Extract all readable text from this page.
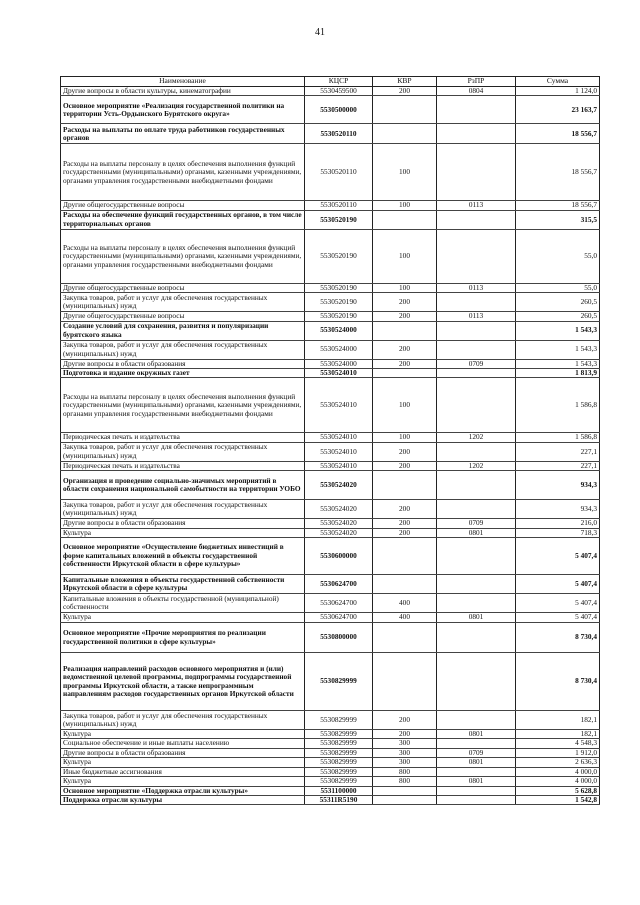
41
Наименование	КЦСР	КВР	РзПР	Сумма
Другие вопросы в области культуры, кинематографии	5530459500	200	0804	1 124,0
Основное мероприятие «Реализация государственной политики на территории Усть-Ордынского Бурятского округа»	5530500000			23 163,7
Расходы на выплаты по оплате труда работников государственных органов	5530520110			18 556,7
Расходы на выплаты персоналу в целях обеспечения выполнения функций государственными (муниципальными) органами, казенными учреждениями, органами управления государственными внебюджетными фондами	5530520110	100		18 556,7
Другие общегосударственные вопросы	5530520110	100	0113	18 556,7
Расходы на обеспечение функций государственных органов, в том числе территориальных органов	5530520190			315,5
Расходы на выплаты персоналу в целях обеспечения выполнения функций государственными (муниципальными) органами, казенными учреждениями, органами управления государственными внебюджетными фондами	5530520190	100		55,0
Другие общегосударственные вопросы	5530520190	100	0113	55,0
Закупка товаров, работ и услуг для обеспечения государственных (муниципальных) нужд	5530520190	200		260,5
Другие общегосударственные вопросы	5530520190	200	0113	260,5
Создание условий для сохранения, развития и популяризации бурятского языка	5530524000			1 543,3
Закупка товаров, работ и услуг для обеспечения государственных (муниципальных) нужд	5530524000	200		1 543,3
Другие вопросы в области образования	5530524000	200	0709	1 543,3
Подготовка и издание окружных газет	5530524010			1 813,9
Расходы на выплаты персоналу в целях обеспечения выполнения функций государственными (муниципальными) органами, казенными учреждениями, органами управления государственными внебюджетными фондами	5530524010	100		1 586,8
Периодическая печать и издательства	5530524010	100	1202	1 586,8
Закупка товаров, работ и услуг для обеспечения государственных (муниципальных) нужд	5530524010	200		227,1
Периодическая печать и издательства	5530524010	200	1202	227,1
Организация и проведение социально-значимых мероприятий в области сохранения национальной самобытности на территории УОБО	5530524020			934,3
Закупка товаров, работ и услуг для обеспечения государственных (муниципальных) нужд	5530524020	200		934,3
Другие вопросы в области образования	5530524020	200	0709	216,0
Культура	5530524020	200	0801	718,3
Основное мероприятие «Осуществление бюджетных инвестиций в форме капитальных вложений в объекты государственной собственности Иркутской области в сфере культуры»	5530600000			5 407,4
Капитальные вложения в объекты государственной собственности Иркутской области в сфере культуры	5530624700			5 407,4
Капитальные вложения в объекты государственной (муниципальной) собственности	5530624700	400		5 407,4
Культура	5530624700	400	0801	5 407,4
Основное мероприятие «Прочие мероприятия по реализации государственной политики в сфере культуры»	5530800000			8 730,4
Реализация направлений расходов основного мероприятия и (или) ведомственной целевой программы, подпрограммы государственной программы Иркутской области, а также непрограммным направлениям расходов государственных органов Иркутской области	5530829999			8 730,4
Закупка товаров, работ и услуг для обеспечения государственных (муниципальных) нужд	5530829999	200		182,1
Культура	5530829999	200	0801	182,1
Социальное обеспечение и иные выплаты населению	5530829999	300		4 548,3
Другие вопросы в области образования	5530829999	300	0709	1 912,0
Культура	5530829999	300	0801	2 636,3
Иные бюджетные ассигнования	5530829999	800		4 000,0
Культура	5530829999	800	0801	4 000,0
Основное мероприятие «Поддержка отрасли культуры»	5531100000			5 628,8
Поддержка отрасли культуры	55311R5190			1 542,8
